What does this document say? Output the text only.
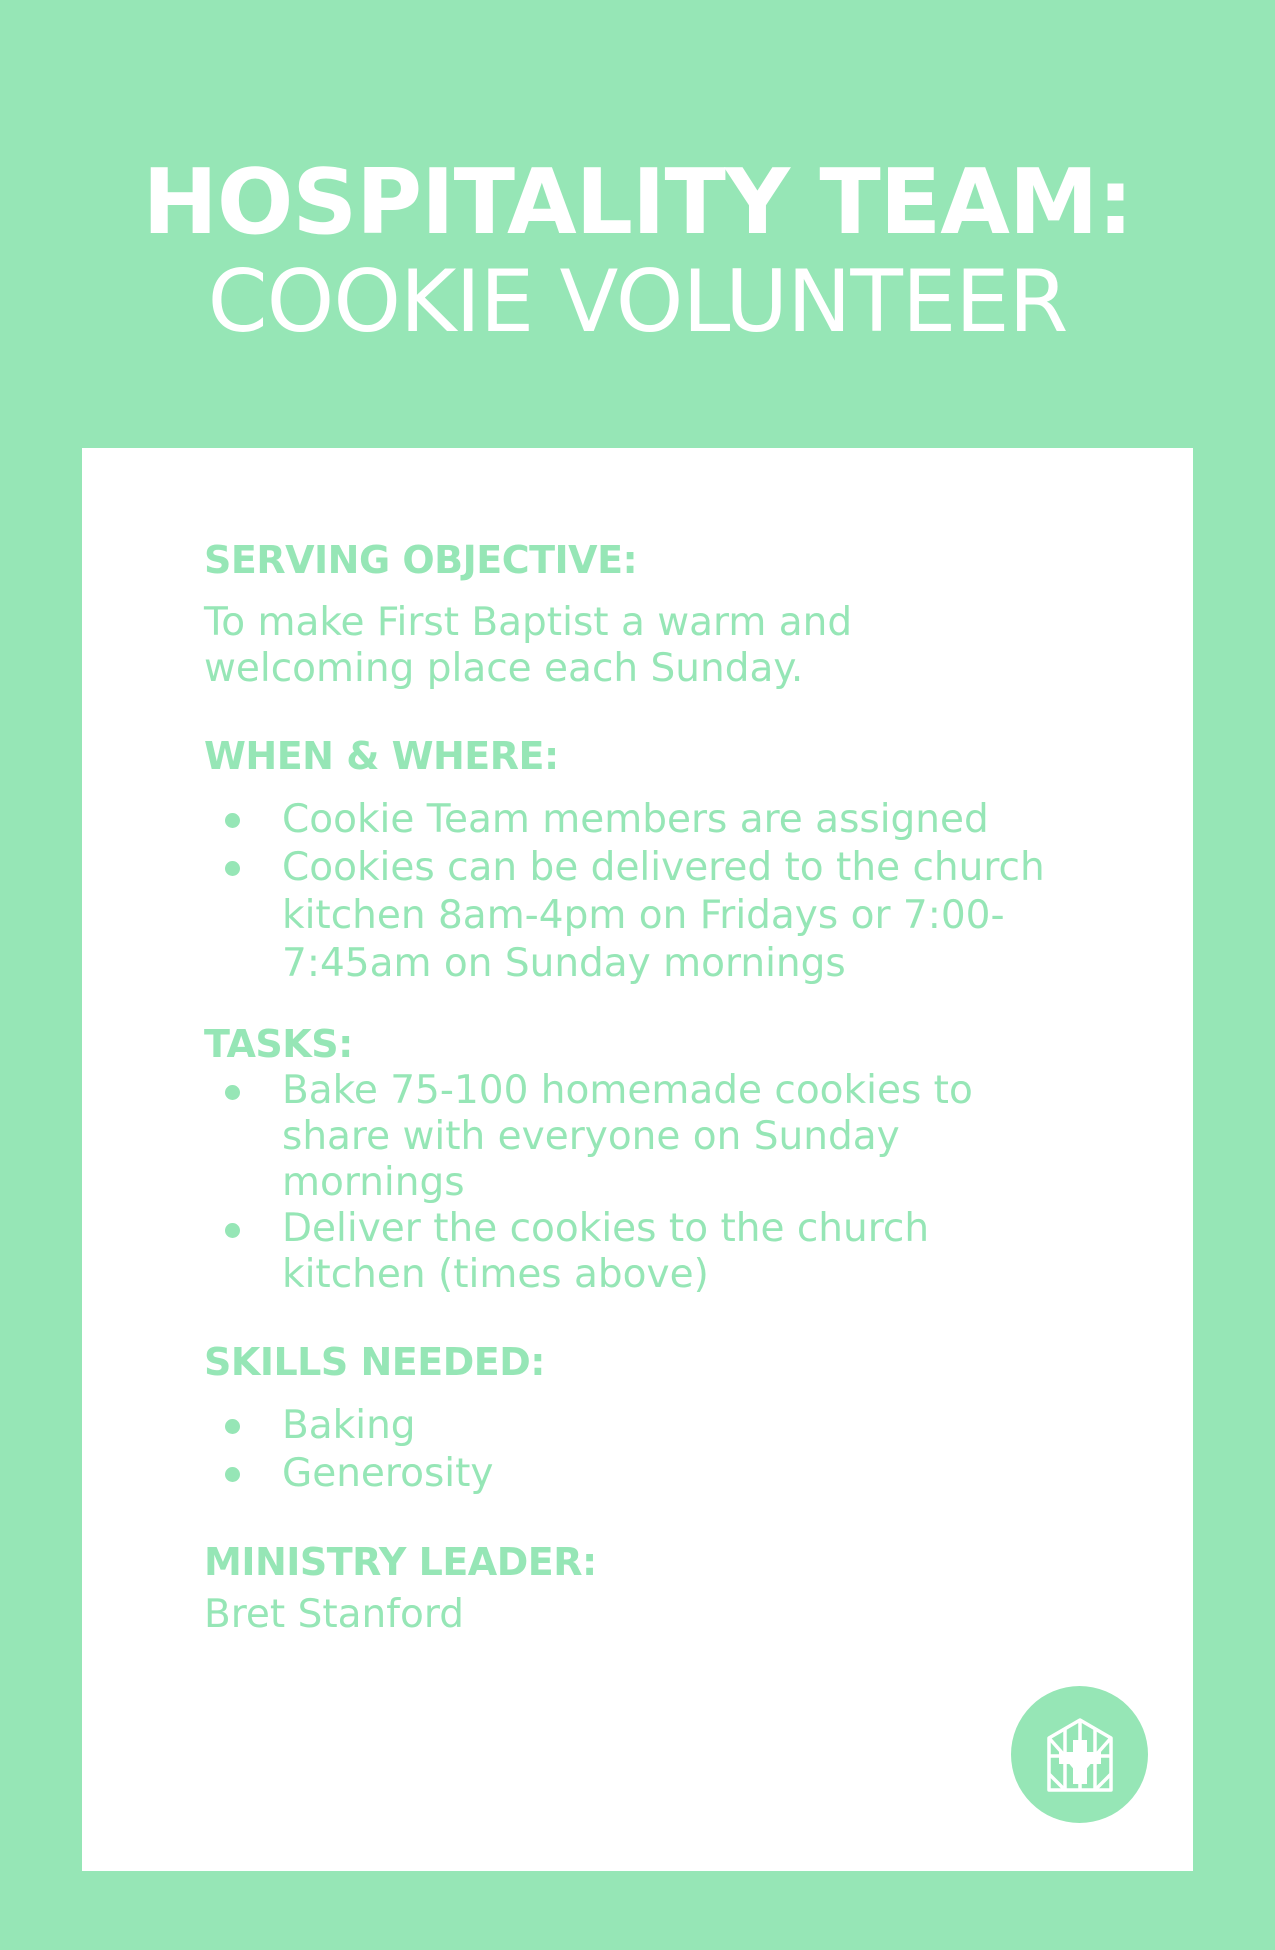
HOSPITALITY TEAM:
COOKIE VOLUNTEER
SERVING OBJECTIVE:
To make First Baptist a warm and
welcoming place each Sunday.
WHEN & WHERE:
Cookie Team members are assigned
Cookies can be delivered to the church kitchen 8am-4pm on Fridays or 7:00-7:45am on Sunday mornings
TASKS:
Bake 75-100 homemade cookies to share with everyone on Sunday mornings
Deliver the cookies to the church kitchen (times above)
SKILLS NEEDED:
Baking
Generosity
MINISTRY LEADER:
Bret Stanford
